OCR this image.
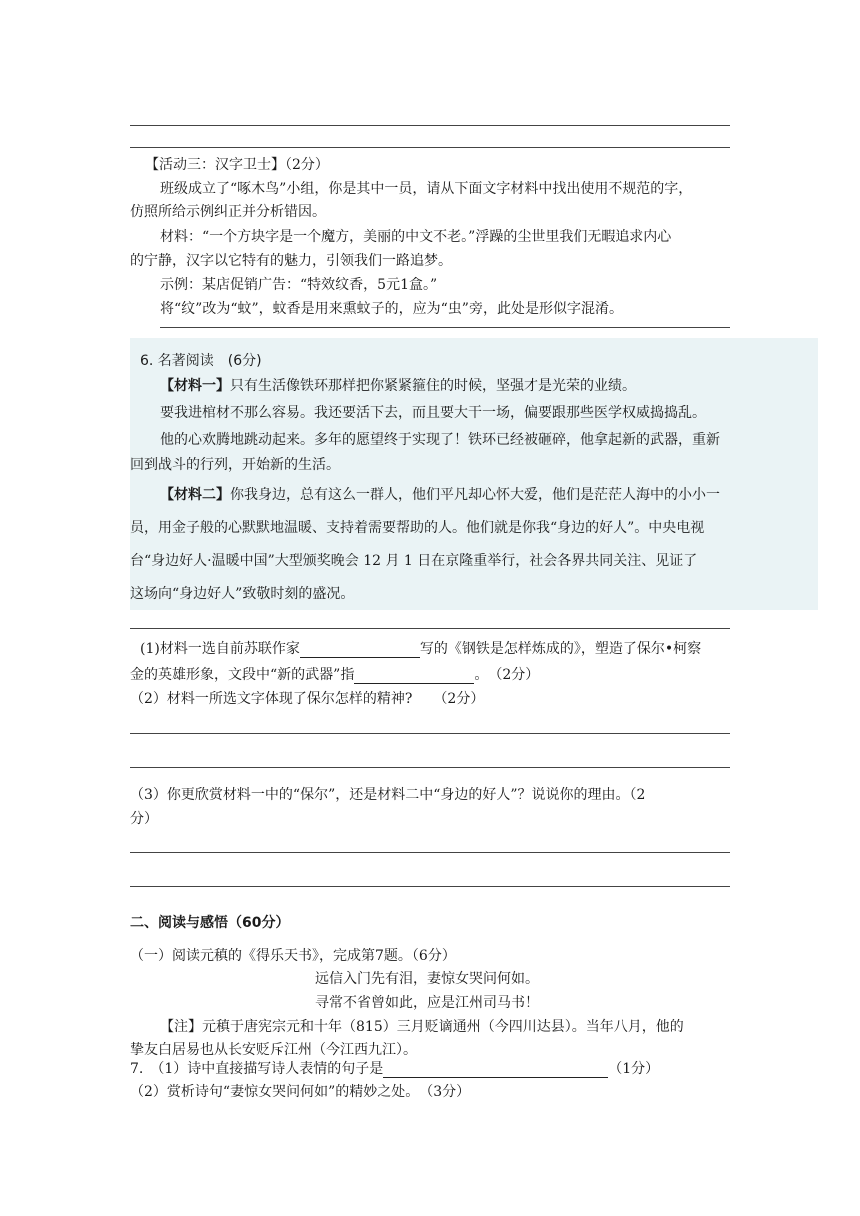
【活动三：汉字卫士】（2分）
班级成立了“啄木鸟”小组，你是其中一员，请从下面文字材料中找出使用不规范的字，
仿照所给示例纠正并分析错因。
材料：“一个方块字是一个魔方，美丽的中文不老。”浮躁的尘世里我们无暇追求内心
的宁静，汉字以它特有的魅力，引领我们一路追梦。
示例：某店促销广告：“特效纹香，5元1盒。”
将“纹”改为“蚊”，蚊香是用来熏蚊子的，应为“虫”旁，此处是形似字混淆。
6. 名著阅读　(6分)
【材料一】只有生活像铁环那样把你紧紧箍住的时候，坚强才是光荣的业绩。
要我进棺材不那么容易。我还要活下去，而且要大干一场，偏要跟那些医学权威捣捣乱。
他的心欢腾地跳动起来。多年的愿望终于实现了！铁环已经被砸碎，他拿起新的武器，重新
回到战斗的行列，开始新的生活。
【材料二】你我身边，总有这么一群人，他们平凡却心怀大爱，他们是茫茫人海中的小小一
员，用金子般的心默默地温暖、支持着需要帮助的人。他们就是你我“身边的好人”。中央电视
台“身边好人·温暖中国”大型颁奖晚会 12 月 1 日在京隆重举行，社会各界共同关注、见证了
这场向“身边好人”致敬时刻的盛况。
(1)材料一选自前苏联作家	写的《钢铁是怎样炼成的》，塑造了保尔•柯察
金的英雄形象，文段中“新的武器”指	。　（2分）
（2）材料一所选文字体现了保尔怎样的精神?　　（2分）
（3）你更欣赏材料一中的“保尔”，还是材料二中“身边的好人”？说说你的理由。（2
分）
二、阅读与感悟（60分）
（一）阅读元稹的《得乐天书》，完成第7题。（6分）
远信入门先有泪，妻惊女哭问何如。
寻常不省曾如此，应是江州司马书！
【注】元稹于唐宪宗元和十年（815）三月贬谪通州（今四川达县）。当年八月，他的
挚友白居易也从长安贬斥江州（今江西九江）。
7.　（1）诗中直接描写诗人表情的句子是	（1分）
（2）赏析诗句“妻惊女哭问何如”的精妙之处。　（3分）
